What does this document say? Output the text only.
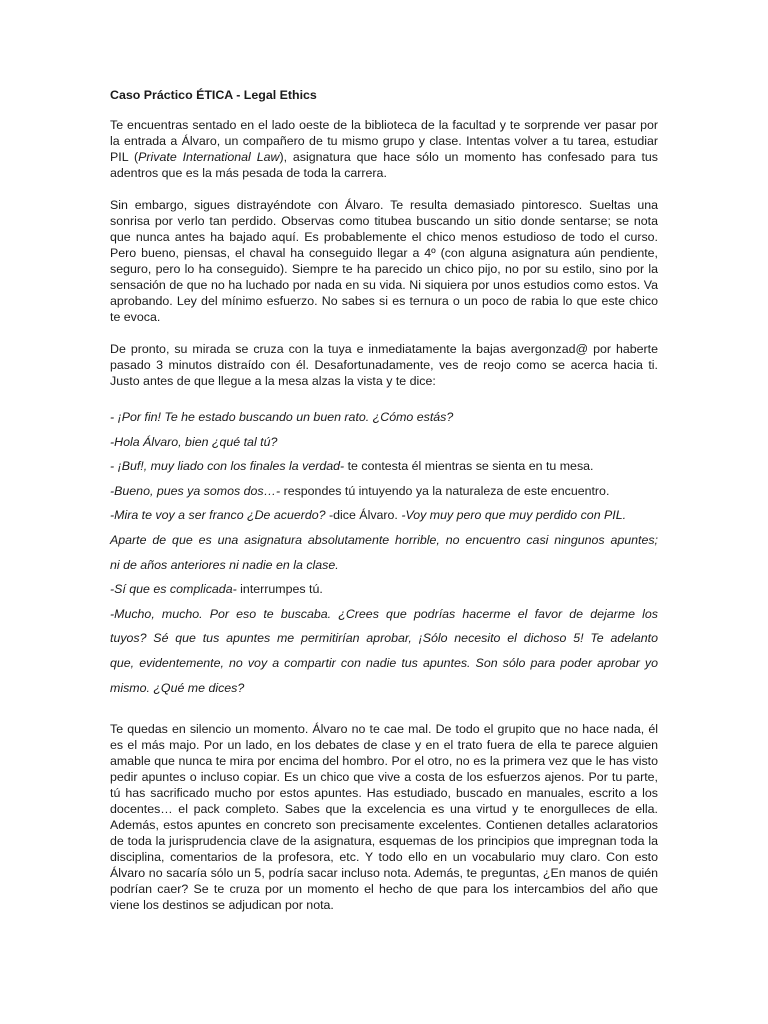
Caso Práctico ÉTICA - Legal Ethics

Te encuentras sentado en el lado oeste de la biblioteca de la facultad y te sorprende ver pasar por la entrada a Álvaro, un compañero de tu mismo grupo y clase. Intentas volver a tu tarea, estudiar PIL (Private International Law), asignatura que hace sólo un momento has confesado para tus adentros que es la más pesada de toda la carrera.

Sin embargo, sigues distrayéndote con Álvaro. Te resulta demasiado pintoresco. Sueltas una sonrisa por verlo tan perdido. Observas como titubea buscando un sitio donde sentarse; se nota que nunca antes ha bajado aquí. Es probablemente el chico menos estudioso de todo el curso. Pero bueno, piensas, el chaval ha conseguido llegar a 4º (con alguna asignatura aún pendiente, seguro, pero lo ha conseguido). Siempre te ha parecido un chico pijo, no por su estilo, sino por la sensación de que no ha luchado por nada en su vida. Ni siquiera por unos estudios como estos. Va aprobando. Ley del mínimo esfuerzo. No sabes si es ternura o un poco de rabia lo que este chico te evoca.

De pronto, su mirada se cruza con la tuya e inmediatamente la bajas avergonzad@ por haberte pasado 3 minutos distraído con él. Desafortunadamente, ves de reojo como se acerca hacia ti. Justo antes de que llegue a la mesa alzas la vista y te dice:

- ¡Por fin! Te he estado buscando un buen rato. ¿Cómo estás?
-Hola Álvaro, bien ¿qué tal tú?
- ¡Buf!, muy liado con los finales la verdad- te contesta él mientras se sienta en tu mesa.
-Bueno, pues ya somos dos…- respondes tú intuyendo ya la naturaleza de este encuentro.
-Mira te voy a ser franco ¿De acuerdo? -dice Álvaro. -Voy muy pero que muy perdido con PIL.
Aparte de que es una asignatura absolutamente horrible, no encuentro casi ningunos apuntes;
ni de años anteriores ni nadie en la clase.
-Sí que es complicada- interrumpes tú.
-Mucho, mucho. Por eso te buscaba. ¿Crees que podrías hacerme el favor de dejarme los
tuyos? Sé que tus apuntes me permitirían aprobar, ¡Sólo necesito el dichoso 5! Te adelanto
que, evidentemente, no voy a compartir con nadie tus apuntes. Son sólo para poder aprobar yo
mismo. ¿Qué me dices?

Te quedas en silencio un momento. Álvaro no te cae mal. De todo el grupito que no hace nada, él es el más majo. Por un lado, en los debates de clase y en el trato fuera de ella te parece alguien amable que nunca te mira por encima del hombro. Por el otro, no es la primera vez que le has visto pedir apuntes o incluso copiar. Es un chico que vive a costa de los esfuerzos ajenos. Por tu parte, tú has sacrificado mucho por estos apuntes. Has estudiado, buscado en manuales, escrito a los docentes… el pack completo. Sabes que la excelencia es una virtud y te enorgulleces de ella. Además, estos apuntes en concreto son precisamente excelentes. Contienen detalles aclaratorios de toda la jurisprudencia clave de la asignatura, esquemas de los principios que impregnan toda la disciplina, comentarios de la profesora, etc. Y todo ello en un vocabulario muy claro. Con esto Álvaro no sacaría sólo un 5, podría sacar incluso nota. Además, te preguntas, ¿En manos de quién podrían caer? Se te cruza por un momento el hecho de que para los intercambios del año que viene los destinos se adjudican por nota.
